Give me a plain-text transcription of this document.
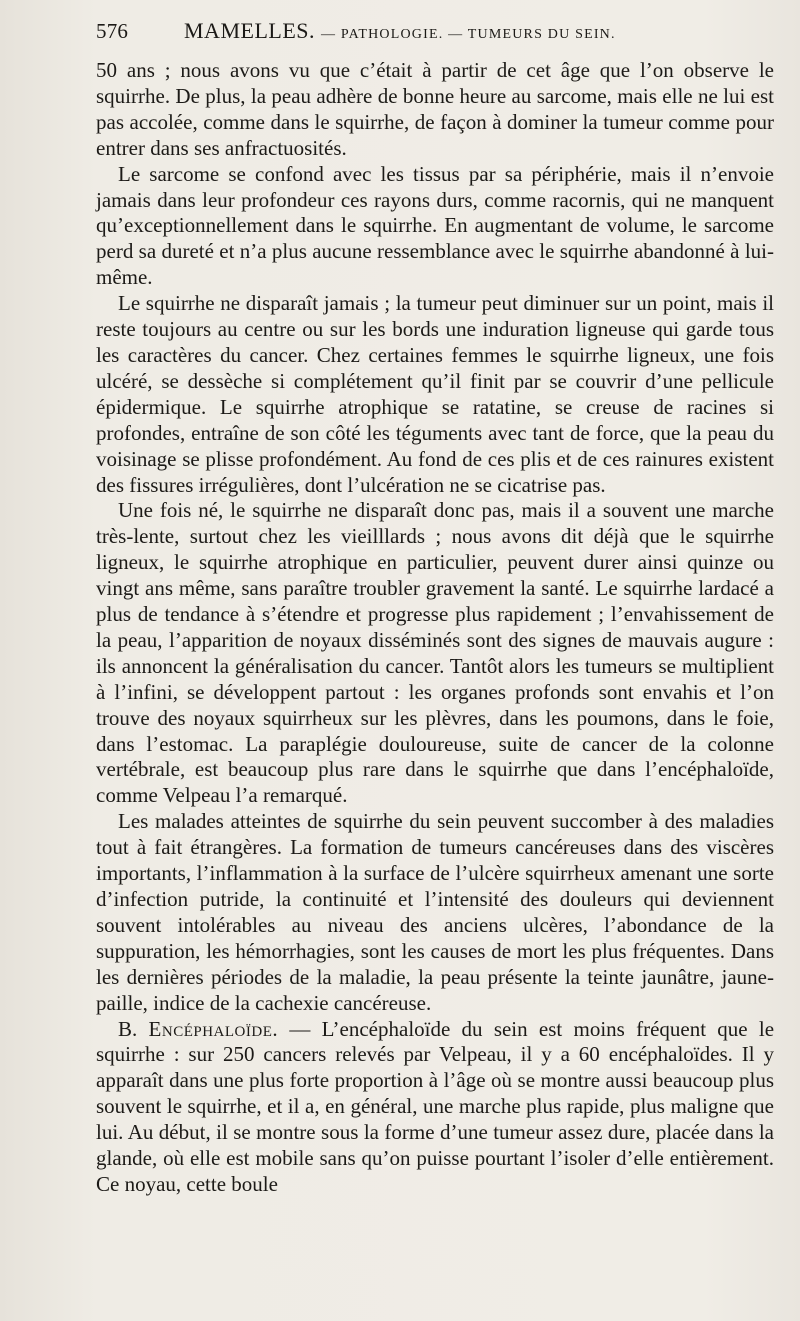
576	MAMELLES. — PATHOLOGIE. — TUMEURS DU SEIN.

50 ans ; nous avons vu que c’était à partir de cet âge que l’on observe le squirrhe. De plus, la peau adhère de bonne heure au sarcome, mais elle ne lui est pas accolée, comme dans le squirrhe, de façon à dominer la tumeur comme pour entrer dans ses anfractuosités.

Le sarcome se confond avec les tissus par sa périphérie, mais il n’envoie jamais dans leur profondeur ces rayons durs, comme racornis, qui ne manquent qu’exceptionnellement dans le squirrhe. En augmentant de volume, le sarcome perd sa dureté et n’a plus aucune ressemblance avec le squirrhe abandonné à lui-même.

Le squirrhe ne disparaît jamais ; la tumeur peut diminuer sur un point, mais il reste toujours au centre ou sur les bords une induration ligneuse qui garde tous les caractères du cancer. Chez certaines femmes le squirrhe ligneux, une fois ulcéré, se dessèche si complétement qu’il finit par se couvrir d’une pellicule épidermique. Le squirrhe atrophique se ratatine, se creuse de racines si profondes, entraîne de son côté les téguments avec tant de force, que la peau du voisinage se plisse profondément. Au fond de ces plis et de ces rainures existent des fissures irrégulières, dont l’ulcération ne se cicatrise pas.

Une fois né, le squirrhe ne disparaît donc pas, mais il a souvent une marche très-lente, surtout chez les vieilllards ; nous avons dit déjà que le squirrhe ligneux, le squirrhe atrophique en particulier, peuvent durer ainsi quinze ou vingt ans même, sans paraître troubler gravement la santé. Le squirrhe lardacé a plus de tendance à s’étendre et progresse plus rapidement ; l’envahissement de la peau, l’apparition de noyaux disséminés sont des signes de mauvais augure : ils annoncent la généralisation du cancer. Tantôt alors les tumeurs se multiplient à l’infini, se développent partout : les organes profonds sont envahis et l’on trouve des noyaux squirrheux sur les plèvres, dans les poumons, dans le foie, dans l’estomac. La paraplégie douloureuse, suite de cancer de la colonne vertébrale, est beaucoup plus rare dans le squirrhe que dans l’encéphaloïde, comme Velpeau l’a remarqué.

Les malades atteintes de squirrhe du sein peuvent succomber à des maladies tout à fait étrangères. La formation de tumeurs cancéreuses dans des viscères importants, l’inflammation à la surface de l’ulcère squirrheux amenant une sorte d’infection putride, la continuité et l’intensité des douleurs qui deviennent souvent intolérables au niveau des anciens ulcères, l’abondance de la suppuration, les hémorrhagies, sont les causes de mort les plus fréquentes. Dans les dernières périodes de la maladie, la peau présente la teinte jaunâtre, jaune-paille, indice de la cachexie cancéreuse.

B. Encéphaloïde. — L’encéphaloïde du sein est moins fréquent que le squirrhe : sur 250 cancers relevés par Velpeau, il y a 60 encéphaloïdes. Il y apparaît dans une plus forte proportion à l’âge où se montre aussi beaucoup plus souvent le squirrhe, et il a, en général, une marche plus rapide, plus maligne que lui. Au début, il se montre sous la forme d’une tumeur assez dure, placée dans la glande, où elle est mobile sans qu’on puisse pourtant l’isoler d’elle entièrement. Ce noyau, cette boule
